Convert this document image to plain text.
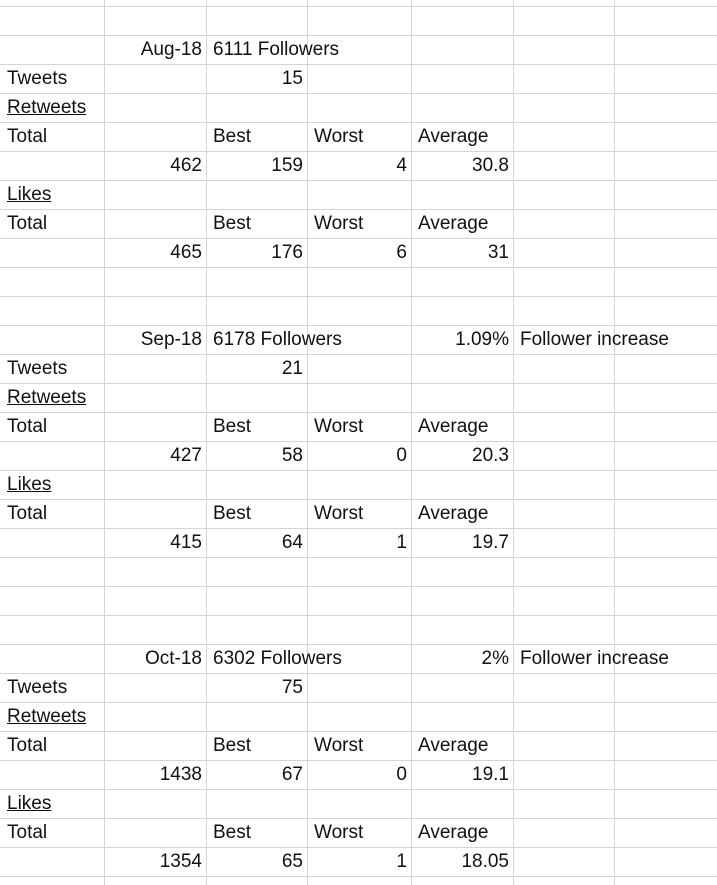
Aug-18 6111 Followers
Tweets	15
Retweets
Total	Best	Worst	Average
462	159	4	30.8
Likes
Total	Best	Worst	Average
465	176	6	31
Sep-18 6178 Followers	1.09% Follower increase
Tweets	21
Retweets
Total	Best	Worst	Average
427	58	0	20.3
Likes
Total	Best	Worst	Average
415	64	1	19.7
Oct-18 6302 Followers	2% Follower increase
Tweets	75
Retweets
Total	Best	Worst	Average
1438	67	0	19.1
Likes
Total	Best	Worst	Average
1354	65	1	18.05
